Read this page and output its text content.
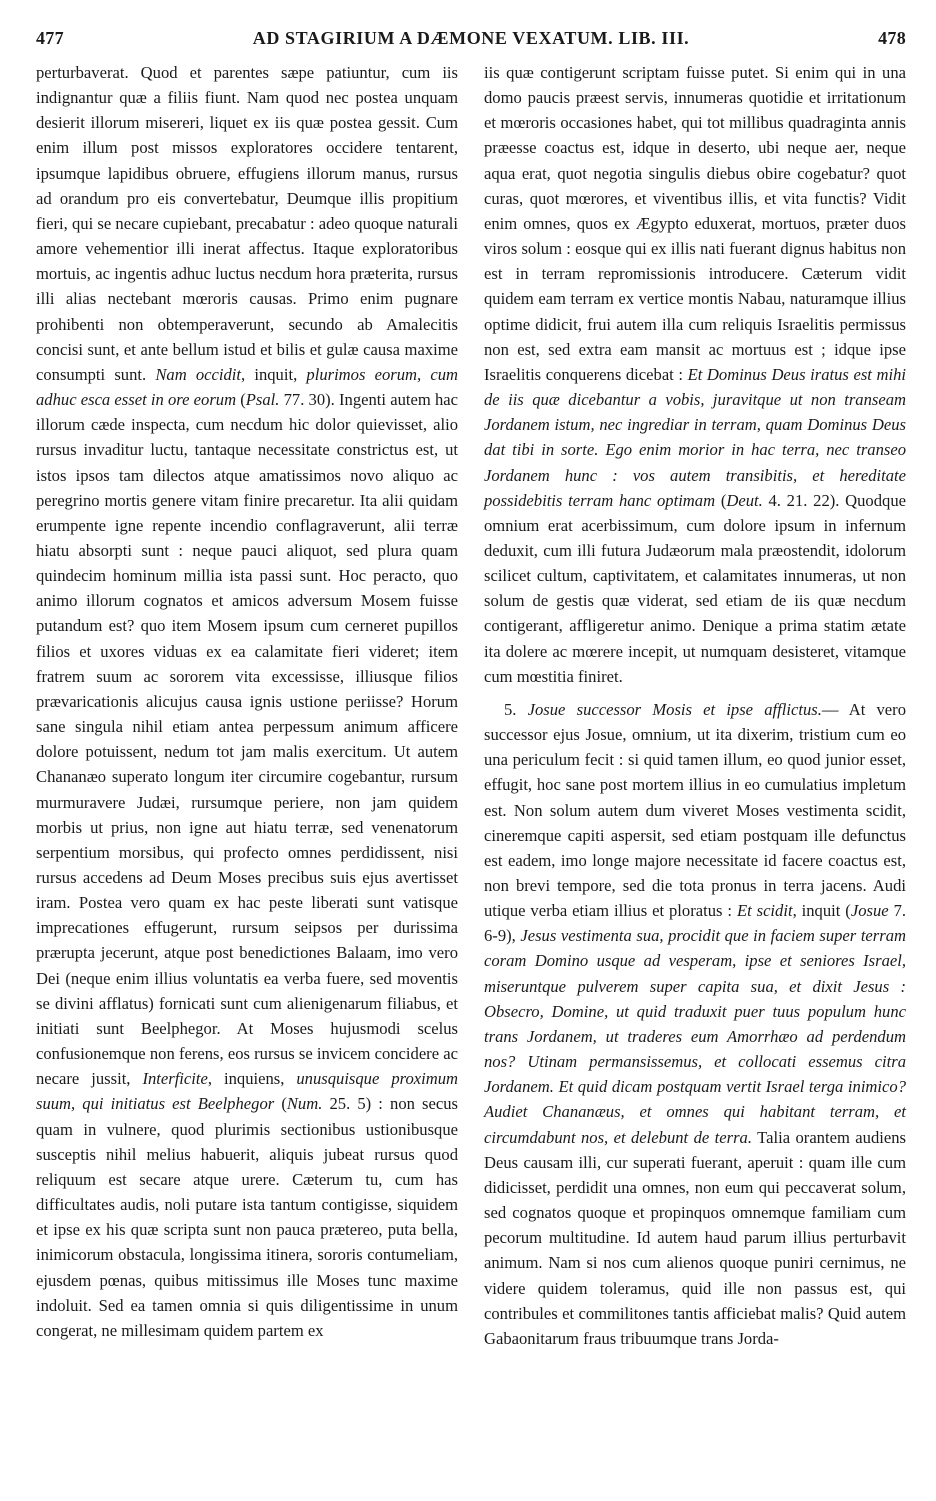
477	AD STAGIRIUM A DÆMONE VEXATUM. LIB. III.	478

perturbaverat. Quod et parentes sæpe patiuntur, cum iis indignantur quæ a filiis fiunt. Nam quod nec postea unquam desierit illorum misereri, liquet ex iis quæ postea gessit. Cum enim illum post missos exploratores occidere tentarent, ipsumque lapidibus obruere, effugiens illorum manus, rursus ad orandum pro eis convertebatur, Deumque illis propitium fieri, qui se necare cupiebant, precabatur : adeo quoque naturali amore vehementior illi inerat affectus. Itaque exploratoribus mortuis, ac ingentis adhuc luctus necdum hora præterita, rursus illi alias nectebant mœroris causas. Primo enim pugnare prohibenti non obtemperaverunt, secundo ab Amalecitis concisi sunt, et ante bellum istud et bilis et gulæ causa maxime consumpti sunt. Nam occidit, inquit, plurimos eorum, cum adhuc esca esset in ore eorum (Psal. 77. 30). Ingenti autem hac illorum cæde inspecta, cum necdum hic dolor quievisset, alio rursus invaditur luctu, tantaque necessitate constrictus est, ut istos ipsos tam dilectos atque amatissimos novo aliquo ac peregrino mortis genere vitam finire precaretur. Ita alii quidam erumpente igne repente incendio conflagraverunt, alii terræ hiatu absorpti sunt : neque pauci aliquot, sed plura quam quindecim hominum millia ista passi sunt. Hoc peracto, quo animo illorum cognatos et amicos adversum Mosem fuisse putandum est? quo item Mosem ipsum cum cerneret pupillos filios et uxores viduas ex ea calamitate fieri videret; item fratrem suum ac sororem vita excessisse, illiusque filios prævaricationis alicujus causa ignis ustione periisse? Horum sane singula nihil etiam antea perpessum animum afficere dolore potuissent, nedum tot jam malis exercitum. Ut autem Chananæo superato longum iter circumire cogebantur, rursum murmuravere Judæi, rursumque periere, non jam quidem morbis ut prius, non igne aut hiatu terræ, sed venenatorum serpentium morsibus, qui profecto omnes perdidissent, nisi rursus accedens ad Deum Moses precibus suis ejus avertisset iram. Postea vero quam ex hac peste liberati sunt vatisque imprecationes effugerunt, rursum seipsos per durissima prærupta jecerunt, atque post benedictiones Balaam, imo vero Dei (neque enim illius voluntatis ea verba fuere, sed moventis se divini afflatus) fornicati sunt cum alienigenarum filiabus, et initiati sunt Beelphegor. At Moses hujusmodi scelus confusionemque non ferens, eos rursus se invicem concidere ac necare jussit, Interficite, inquiens, unusquisque proximum suum, qui initiatus est Beelphegor (Num. 25. 5) : non secus quam in vulnere, quod plurimis sectionibus ustionibusque susceptis nihil melius habuerit, aliquis jubeat rursus quod reliquum est secare atque urere. Cæterum tu, cum has difficultates audis, noli putare ista tantum contigisse, siquidem et ipse ex his quæ scripta sunt non pauca prætereo, puta bella, inimicorum obstacula, longissima itinera, sororis contumeliam, ejusdem pœnas, quibus mitissimus ille Moses tunc maxime indoluit. Sed ea tamen omnia si quis diligentissime in unum congerat, ne millesimam quidem partem ex

iis quæ contigerunt scriptam fuisse putet. Si enim qui in una domo paucis præest servis, innumeras quotidie et irritationum et mœroris occasiones habet, qui tot millibus quadraginta annis præesse coactus est, idque in deserto, ubi neque aer, neque aqua erat, quot negotia singulis diebus obire cogebatur? quot curas, quot mœrores, et viventibus illis, et vita functis? Vidit enim omnes, quos ex Ægypto eduxerat, mortuos, præter duos viros solum : eosque qui ex illis nati fuerant dignus habitus non est in terram repromissionis introducere. Cæterum vidit quidem eam terram ex vertice montis Nabau, naturamque illius optime didicit, frui autem illa cum reliquis Israelitis permissus non est, sed extra eam mansit ac mortuus est ; idque ipse Israelitis conquerens dicebat : Et Dominus Deus iratus est mihi de iis quæ dicebantur a vobis, juravitque ut non transeam Jordanem istum, nec ingrediar in terram, quam Dominus Deus dat tibi in sorte. Ego enim morior in hac terra, nec transeo Jordanem hunc : vos autem transibitis, et hereditate possidebitis terram hanc optimam (Deut. 4. 21. 22). Quodque omnium erat acerbissimum, cum dolore ipsum in infernum deduxit, cum illi futura Judæorum mala præostendit, idolorum scilicet cultum, captivitatem, et calamitates innumeras, ut non solum de gestis quæ viderat, sed etiam de iis quæ necdum contigerant, affligeretur animo. Denique a prima statim ætate ita dolere ac mœrere incepit, ut numquam desisteret, vitamque cum mœstitia finiret.

5. Josue successor Mosis et ipse afflictus.— At vero successor ejus Josue, omnium, ut ita dixerim, tristium cum eo una periculum fecit : si quid tamen illum, eo quod junior esset, effugit, hoc sane post mortem illius in eo cumulatius impletum est. Non solum autem dum viveret Moses vestimenta scidit, cineremque capiti aspersit, sed etiam postquam ille defunctus est eadem, imo longe majore necessitate id facere coactus est, non brevi tempore, sed die tota pronus in terra jacens. Audi utique verba etiam illius et ploratus : Et scidit, inquit (Josue 7. 6-9), Jesus vestimenta sua, procidit que in faciem super terram coram Domino usque ad vesperam, ipse et seniores Israel, miseruntque pulverem super capita sua, et dixit Jesus : Obsecro, Domine, ut quid traduxit puer tuus populum hunc trans Jordanem, ut traderes eum Amorrhæo ad perdendum nos? Utinam permansissemus, et collocati essemus citra Jordanem. Et quid dicam postquam vertit Israel terga inimico? Audiet Chananæus, et omnes qui habitant terram, et circumdabunt nos, et delebunt de terra. Talia orantem audiens Deus causam illi, cur superati fuerant, aperuit : quam ille cum didicisset, perdidit una omnes, non eum qui peccaverat solum, sed cognatos quoque et propinquos omnemque familiam cum pecorum multitudine. Id autem haud parum illius perturbavit animum. Nam si nos cum alienos quoque puniri cernimus, ne videre quidem toleramus, quid ille non passus est, qui contribules et commilitones tantis afficiebat malis? Quid autem Gabaonitarum fraus tribuumque trans Jorda-
